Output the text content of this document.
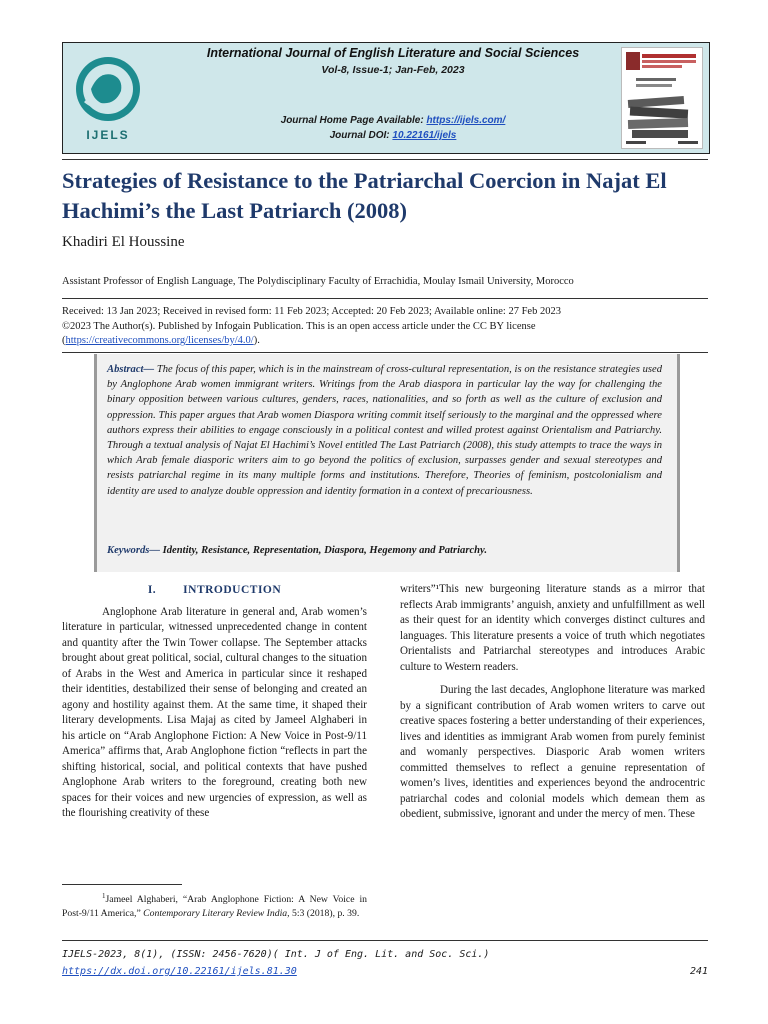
IJELS
International Journal of English Literature and Social Sciences
Vol-8, Issue-1; Jan-Feb, 2023
Journal Home Page Available: https://ijels.com/
Journal DOI: 10.22161/ijels
Strategies of Resistance to the Patriarchal Coercion in Najat El Hachimi’s the Last Patriarch (2008)
Khadiri El Houssine
Assistant Professor of English Language, The Polydisciplinary Faculty of Errachidia, Moulay Ismail University, Morocco
Received: 13 Jan 2023; Received in revised form: 11 Feb 2023; Accepted: 20 Feb 2023; Available online: 27 Feb 2023
©2023 The Author(s). Published by Infogain Publication. This is an open access article under the CC BY license
(https://creativecommons.org/licenses/by/4.0/).
Abstract— The focus of this paper, which is in the mainstream of cross-cultural representation, is on the resistance strategies used by Anglophone Arab women immigrant writers. Writings from the Arab diaspora in particular lay the way for challenging the binary opposition between various cultures, genders, races, nationalities, and so forth as well as the culture of exclusion and oppression. This paper argues that Arab women Diaspora writing commit itself seriously to the marginal and the oppressed where authors express their abilities to engage consciously in a political contest and willed protest against Orientalism and Patriarchy. Through a textual analysis of Najat El Hachimi’s Novel entitled The Last Patriarch (2008), this study attempts to trace the ways in which Arab female diasporic writers aim to go beyond the politics of exclusion, surpasses gender and sexual stereotypes and resists patriarchal regime in its many multiple forms and institutions. Therefore, Theories of feminism, postcolonialism and identity are used to analyze double oppression and identity formation in a context of precariousness.
Keywords— Identity, Resistance, Representation, Diaspora, Hegemony and Patriarchy.

I.        INTRODUCTION

Anglophone Arab literature in general and, Arab women’s literature in particular, witnessed unprecedented change in content and quantity after the Twin Tower collapse. The September attacks brought about great political, social, cultural changes to the situation of Arabs in the West and America in particular since it reshaped their identities, destabilized their sense of belonging and created an agony and hostility against them. At the same time, it shaped their literary developments. Lisa Majaj as cited by Jameel Alghaberi in his article on “Arab Anglophone Fiction: A New Voice in Post-9/11 America” affirms that, Arab Anglophone fiction “reflects in part the shifting historical, social, and political contexts that have pushed Anglophone Arab writers to the foreground, creating both new spaces for their voices and new urgencies of expression, as well as the flourishing creativity of these

writers”¹This new burgeoning literature stands as a mirror that reflects Arab immigrants’ anguish, anxiety and unfulfillment as well as their quest for an identity which converges distinct cultures and languages. This literature presents a voice of truth which negotiates Orientalists and Patriarchal stereotypes and introduces Arabic culture to Western readers.

During the last decades, Anglophone literature was marked by a significant contribution of Arab women writers to carve out creative spaces fostering a better understanding of their experiences, lives and identities as immigrant Arab women from purely feminist and womanly perspectives. Diasporic Arab women writers committed themselves to reflect a genuine representation of women’s lives, identities and experiences beyond the androcentric patriarchal codes and colonial models which demean them as obedient, submissive, ignorant and under the mercy of men. These

$^1$Jameel Alghaberi, “Arab Anglophone Fiction: A New Voice in Post-9/11 America,” Contemporary Literary Review India, 5:3 (2018), p. 39.
IJELS-2023, 8(1), (ISSN: 2456-7620)( Int. J of Eng. Lit. and Soc. Sci.)
https://dx.doi.org/10.22161/ijels.81.30	241
